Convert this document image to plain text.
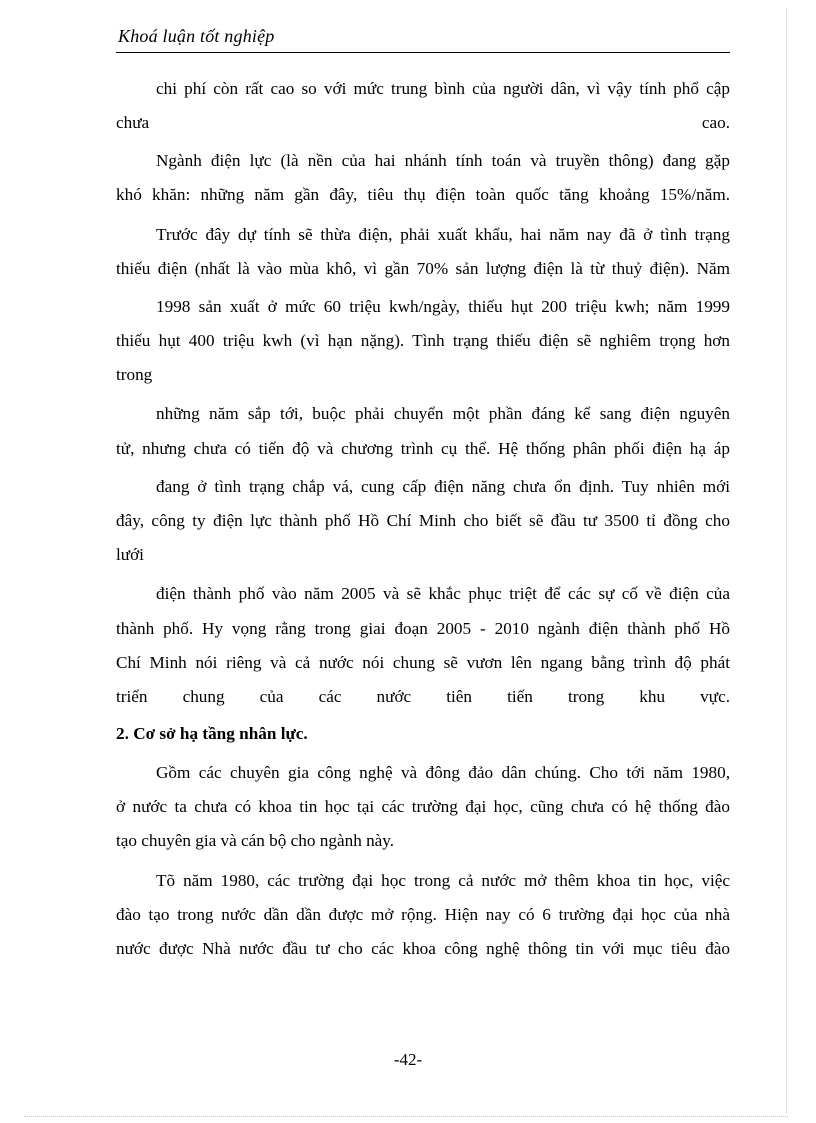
Khoá luận tốt nghiệp
chi phí còn rất cao so với mức trung bình của người dân, vì vậy tính phổ cập
chưa cao.
Ngành điện lực (là nền của hai nhánh tính toán và truyền thông) đang gặp
khó khăn: những năm gần đây, tiêu thụ điện toàn quốc tăng khoảng 15%/năm.
Trước đây dự tính sẽ thừa điện, phải xuất khẩu, hai năm nay đã ở tình trạng
thiếu điện (nhất là vào mùa khô, vì gần 70% sản lượng điện là từ thuỷ điện). Năm
1998 sản xuất ở mức 60 triệu kwh/ngày, thiếu hụt 200 triệu kwh; năm 1999
thiếu hụt 400 triệu kwh (vì hạn nặng). Tình trạng thiếu điện sẽ nghiêm trọng hơn
trong
những năm sắp tới, buộc phải chuyển một phần đáng kể sang điện nguyên
tử, nhưng chưa có tiến độ và chương trình cụ thể. Hệ thống phân phối điện hạ áp
đang ở tình trạng chắp vá, cung cấp điện năng chưa ổn định. Tuy nhiên mới
đây, công ty điện lực thành phố Hồ Chí Minh cho biết sẽ đầu tư 3500 tỉ đồng cho
lưới
điện thành phố vào năm 2005 và sẽ khắc phục triệt để các sự cố về điện của
thành phố. Hy vọng rằng trong giai đoạn 2005 - 2010 ngành điện thành phố Hồ
Chí Minh nói riêng và cả nước nói chung sẽ vươn lên ngang bằng trình độ phát
triển chung của các nước tiên tiến trong khu vực.
2. Cơ sở hạ tầng nhân lực.
Gồm các chuyên gia công nghệ và đông đảo dân chúng. Cho tới năm 1980,
ở nước ta chưa có khoa tin học tại các trường đại học, cũng chưa có hệ thống đào
tạo chuyên gia và cán bộ cho ngành này.
Tõ năm 1980, các trường đại học trong cả nước mở thêm khoa tin học, việc
đào tạo trong nước dần dần được mở rộng. Hiện nay có 6 trường đại học của nhà
nước được Nhà nước đầu tư cho các khoa công nghệ thông tin với mục tiêu đào
-42-
